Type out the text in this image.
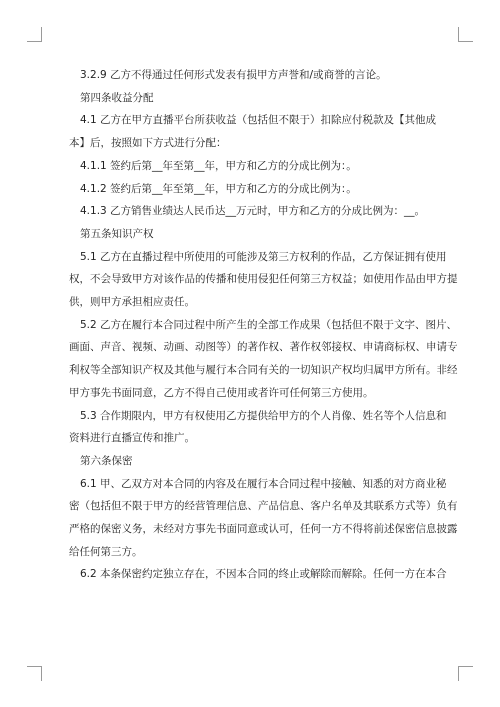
3.2.9 乙方不得通过任何形式发表有损甲方声誉和/或商誉的言论。

第四条收益分配

4.1 乙方在甲方直播平台所获收益（包括但不限于）扣除应付税款及【其他成

本】后，按照如下方式进行分配：

4.1.1 签约后第__年至第__年，甲方和乙方的分成比例为：。

4.1.2 签约后第__年至第__年，甲方和乙方的分成比例为：。

4.1.3 乙方销售业绩达人民币达__万元时，甲方和乙方的分成比例为：__。

第五条知识产权

5.1 乙方在直播过程中所使用的可能涉及第三方权利的作品，乙方保证拥有使用

权，不会导致甲方对该作品的传播和使用侵犯任何第三方权益；如使用作品由甲方提

供，则甲方承担相应责任。

5.2 乙方在履行本合同过程中所产生的全部工作成果（包括但不限于文字、图片、

画面、声音、视频、动画、动图等）的著作权、著作权邻接权、申请商标权、申请专

利权等全部知识产权及其他与履行本合同有关的一切知识产权均归属甲方所有。非经

甲方事先书面同意，乙方不得自己使用或者许可任何第三方使用。

5.3 合作期限内，甲方有权使用乙方提供给甲方的个人肖像、姓名等个人信息和

资料进行直播宣传和推广。

第六条保密

6.1 甲、乙双方对本合同的内容及在履行本合同过程中接触、知悉的对方商业秘

密（包括但不限于甲方的经营管理信息、产品信息、客户名单及其联系方式等）负有

严格的保密义务，未经对方事先书面同意或认可，任何一方不得将前述保密信息披露

给任何第三方。

6.2 本条保密约定独立存在，不因本合同的终止或解除而解除。任何一方在本合
